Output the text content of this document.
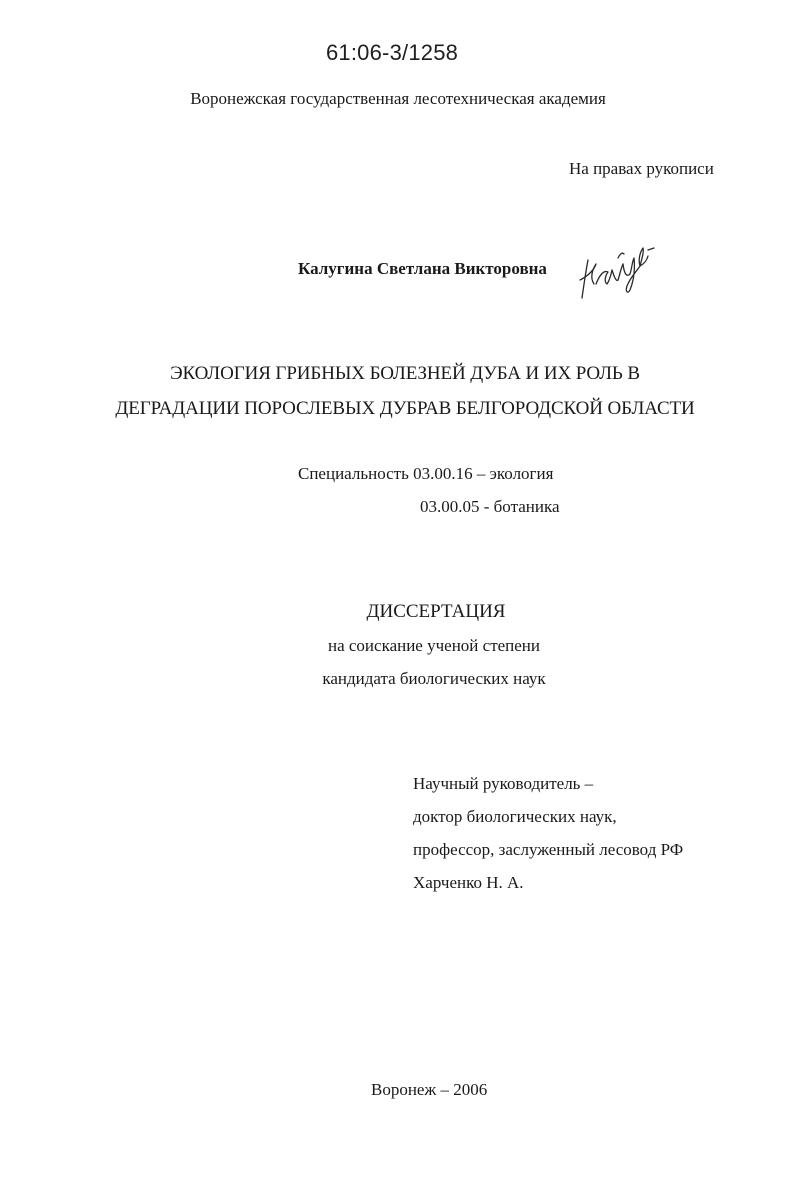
61:06-3/1258
Воронежская государственная лесотехническая академия
На правах рукописи
Калугина Светлана Викторовна
ЭКОЛОГИЯ ГРИБНЫХ БОЛЕЗНЕЙ ДУБА И ИХ РОЛЬ В
ДЕГРАДАЦИИ ПОРОСЛЕВЫХ ДУБРАВ БЕЛГОРОДСКОЙ ОБЛАСТИ
Специальность 03.00.16 – экология
03.00.05 - ботаника
ДИССЕРТАЦИЯ
на соискание ученой степени
кандидата биологических наук
Научный руководитель –
доктор биологических наук,
профессор, заслуженный лесовод РФ
Харченко Н. А.
Воронеж – 2006
